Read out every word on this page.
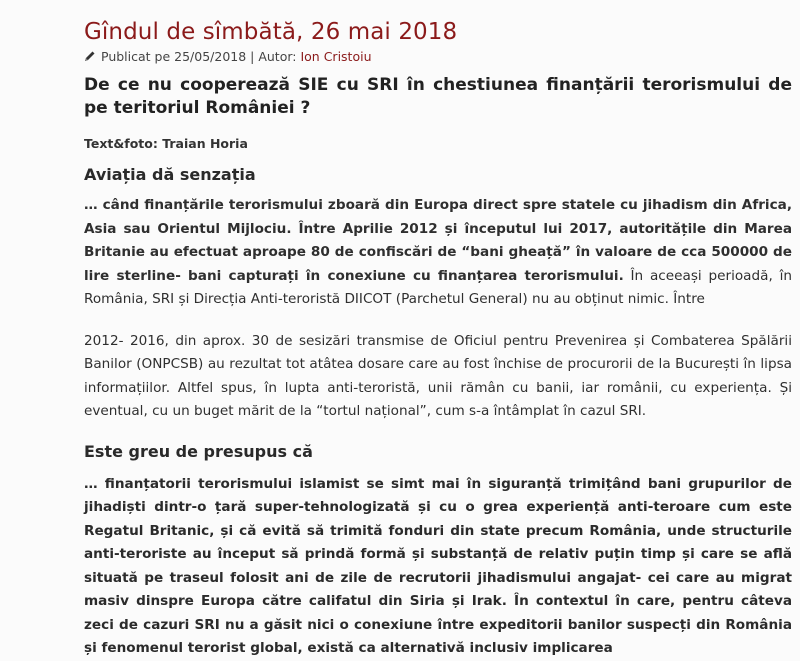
Gîndul de sîmbătă, 26 mai 2018
Publicat pe 25/05/2018 | Autor: Ion Cristoiu
De ce nu cooperează SIE cu SRI în chestiunea finanțării terorismului de pe teritoriul României ?
Text&foto: Traian Horia
Aviația dă senzația

… când finanțările terorismului zboară din Europa direct spre statele cu jihadism din Africa, Asia sau Orientul Mijlociu. Între Aprilie 2012 și începutul lui 2017, autoritățile din Marea Britanie au efectuat aproape 80 de confiscări de “bani gheață” în valoare de cca 500000 de lire sterline- bani capturați în conexiune cu finanțarea terorismului. În aceeași perioadă, în România, SRI și Direcția Anti-teroristă DIICOT (Parchetul General) nu au obținut nimic. Între

2012- 2016, din aprox. 30 de sesizări transmise de Oficiul pentru Prevenirea și Combaterea Spălării Banilor (ONPCSB) au rezultat tot atâtea dosare care au fost închise de procurorii de la București în lipsa informațiilor. Altfel spus, în lupta anti-teroristă, unii rămân cu banii, iar românii, cu experiența. Și eventual, cu un buget mărit de la “tortul național”, cum s-a întâmplat în cazul SRI.

Este greu de presupus că

… finanțatorii terorismului islamist se simt mai în siguranță trimițând bani grupurilor de jihadiști dintr-o țară super-tehnologizată și cu o grea experiență anti-teroare cum este Regatul Britanic, și că evită să trimită fonduri din state precum România, unde structurile anti-teroriste au început să prindă formă și substanță de relativ puțin timp și care se află situată pe traseul folosit ani de zile de recrutorii jihadismului angajat- cei care au migrat masiv dinspre Europa către califatul din Siria și Irak. În contextul în care, pentru câteva zeci de cazuri SRI nu a găsit nici o conexiune între expeditorii banilor suspecți din România și fenomenul terorist global, există ca alternativă inclusiv implicarea
